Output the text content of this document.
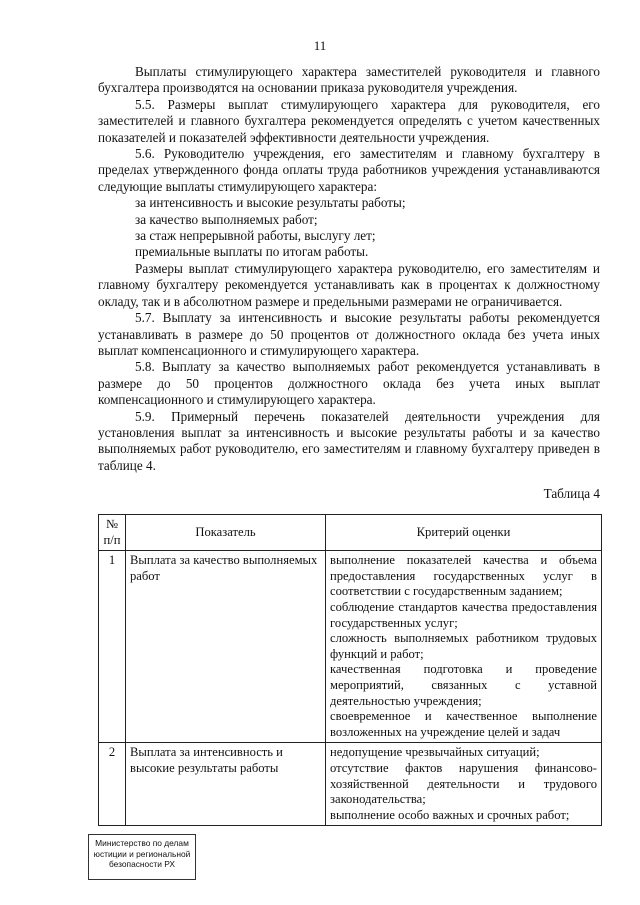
11

Выплаты стимулирующего характера заместителей руководителя и главного бухгалтера производятся на основании приказа руководителя учреждения.

5.5. Размеры выплат стимулирующего характера для руководителя, его заместителей и главного бухгалтера рекомендуется определять с учетом качественных показателей и показателей эффективности деятельности учреждения.

5.6. Руководителю учреждения, его заместителям и главному бухгалтеру в пределах утвержденного фонда оплаты труда работников учреждения устанавливаются следующие выплаты стимулирующего характера:

за интенсивность и высокие результаты работы;

за качество выполняемых работ;

за стаж непрерывной работы, выслугу лет;

премиальные выплаты по итогам работы.

Размеры выплат стимулирующего характера руководителю, его заместителям и главному бухгалтеру рекомендуется устанавливать как в процентах к должностному окладу, так и в абсолютном размере и предельными размерами не ограничивается.

5.7. Выплату за интенсивность и высокие результаты работы рекомендуется устанавливать в размере до 50 процентов от должностного оклада без учета иных выплат компенсационного и стимулирующего характера.

5.8. Выплату за качество выполняемых работ рекомендуется устанавливать в размере до 50 процентов должностного оклада без учета иных выплат компенсационного и стимулирующего характера.

5.9. Примерный перечень показателей деятельности учреждения для установления выплат за интенсивность и высокие результаты работы и за качество выполняемых работ руководителю, его заместителям и главному бухгалтеру приведен в таблице 4.

Таблица 4
№ п/п	Показатель	Критерий оценки
1	Выплата за качество выполняемых работ	выполнение показателей качества и объема предоставления государственных услуг в соответствии с государственным заданием;
соблюдение стандартов качества предоставления государственных услуг;
сложность выполняемых работником трудовых функций и работ;
качественная подготовка и проведение мероприятий, связанных с уставной деятельностью учреждения;
своевременное и качественное выполнение возложенных на учреждение целей и задач

2	Выплата за интенсивность и высокие результаты работы	недопущение чрезвычайных ситуаций;
отсутствие фактов нарушения финансово-хозяйственной деятельности и трудового законодательства;
выполнение особо важных и срочных работ;
Министерство по делам
юстиции и региональной
безопасности РХ
